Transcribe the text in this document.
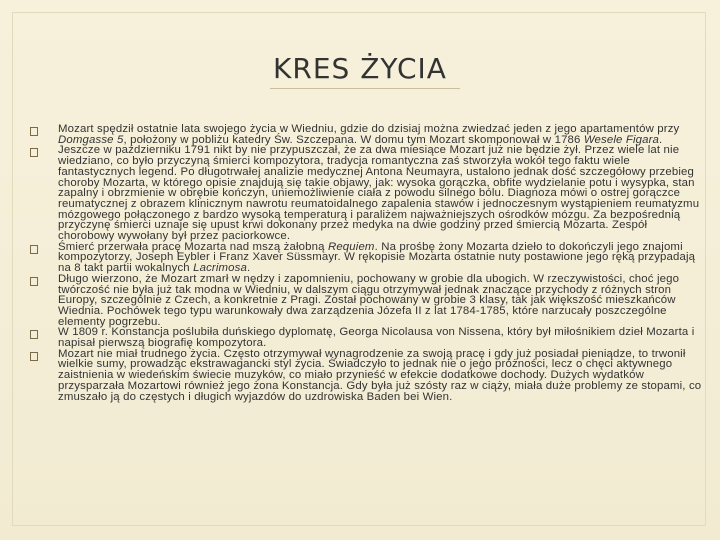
KRES ŻYCIA
Mozart spędził ostatnie lata swojego życia w Wiedniu, gdzie do dzisiaj można zwiedzać jeden z jego apartamentów przy Domgasse 5, położony w pobliżu katedry Św. Szczepana. W domu tym Mozart skomponował w 1786 Wesele Figara.
Jeszcze w październiku 1791 nikt by nie przypuszczał, że za dwa miesiące Mozart już nie będzie żył. Przez wiele lat nie wiedziano, co było przyczyną śmierci kompozytora, tradycja romantyczna zaś stworzyła wokół tego faktu wiele fantastycznych legend. Po długotrwałej analizie medycznej Antona Neumayra, ustalono jednak dość szczegółowy przebieg choroby Mozarta, w którego opisie znajdują się takie objawy, jak: wysoka gorączka, obfite wydzielanie potu i wysypka, stan zapalny i obrzmienie w obrębie kończyn, uniemożliwienie ciała z powodu silnego bólu. Diagnoza mówi o ostrej gorączce reumatycznej z obrazem klinicznym nawrotu reumatoidalnego zapalenia stawów i jednoczesnym wystąpieniem reumatyzmu mózgowego połączonego z bardzo wysoką temperaturą i paraliżem najważniejszych ośrodków mózgu. Za bezpośrednią przyczynę śmierci uznaje się upust krwi dokonany przez medyka na dwie godziny przed śmiercią Mozarta. Zespół chorobowy wywołany był przez paciorkowce.
Śmierć przerwała pracę Mozarta nad mszą żałobną Requiem. Na prośbę żony Mozarta dzieło to dokończyli jego znajomi kompozytorzy, Joseph Eybler i Franz Xaver Süssmayr. W rękopisie Mozarta ostatnie nuty postawione jego ręką przypadają na 8 takt partii wokalnych Lacrimosa.
Długo wierzono, że Mozart zmarł w nędzy i zapomnieniu, pochowany w grobie dla ubogich. W rzeczywistości, choć jego twórczość nie była już tak modna w Wiedniu, w dalszym ciągu otrzymywał jednak znaczące przychody z różnych stron Europy, szczególnie z Czech, a konkretnie z Pragi. Został pochowany w grobie 3 klasy, tak jak większość mieszkańców Wiednia. Pochówek tego typu warunkowały dwa zarządzenia Józefa II z lat 1784-1785, które narzucały poszczególne elementy pogrzebu.
W 1809 r. Konstancja poślubiła duńskiego dyplomatę, Georga Nicolausa von Nissena, który był miłośnikiem dzieł Mozarta i napisał pierwszą biografię kompozytora.
Mozart nie miał trudnego życia. Często otrzymywał wynagrodzenie za swoją pracę i gdy już posiadał pieniądze, to trwonił wielkie sumy, prowadząc ekstrawagancki styl życia. Świadczyło to jednak nie o jego próżności, lecz o chęci aktywnego zaistnienia w wiedeńskim świecie muzyków, co miało przynieść w efekcie dodatkowe dochody. Dużych wydatków przysparzała Mozartowi również jego żona Konstancja. Gdy była już szósty raz w ciąży, miała duże problemy ze stopami, co zmuszało ją do częstych i długich wyjazdów do uzdrowiska Baden bei Wien.
